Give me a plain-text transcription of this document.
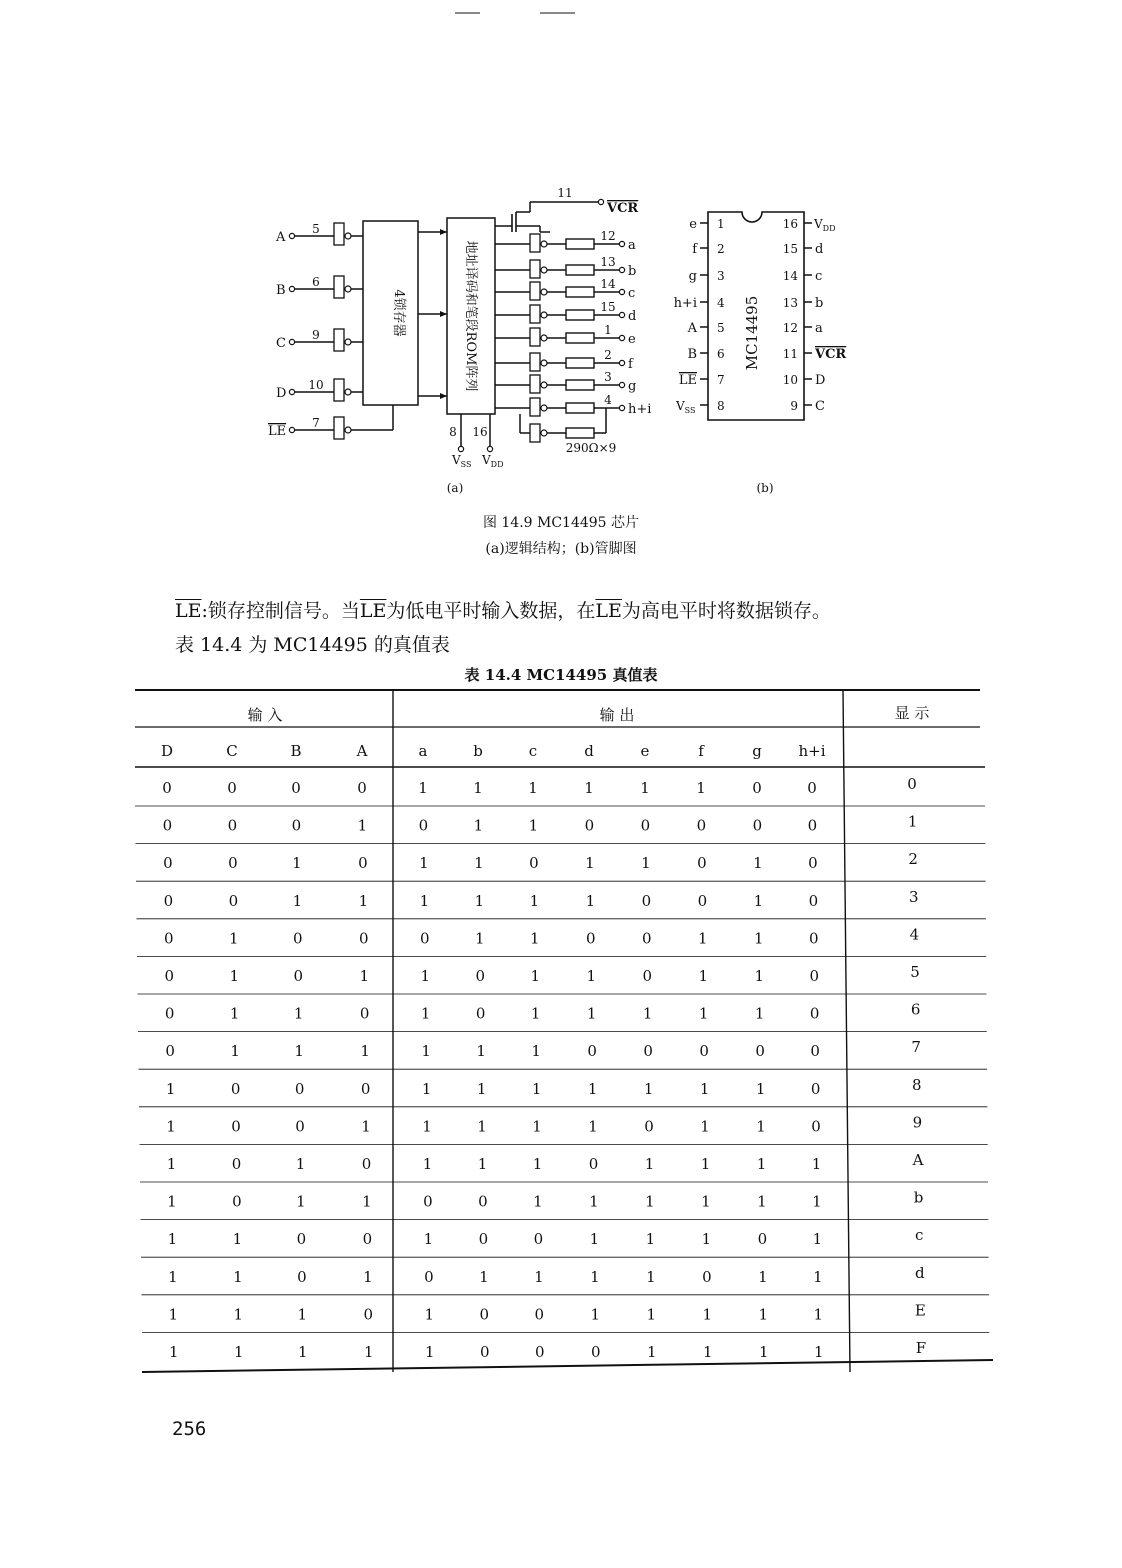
4锁存器	地址译码和笔段ROM阵列
A
5
B
6
C
9
D
10
LE
7
11
VCR
12
a
13
b
14
c
15
d
1
e
2
f
3
g
4
h+i
290Ω×9
8
$V_{SS}$
16
$V_{DD}$
(a)
MC14495
1
e
2
f
3
g
4
h+i
5
A
6
B
7
LE
8
$V_{SS}$
16 $V_{DD}$
15 d
14 c
13 b
12 a
11 VCR
10 D
9 C
(b)
图 14.9 MC14495 芯片
(a)逻辑结构；(b)管脚图
$\overline{LE}$:锁存控制信号。当$\overline{LE}$为低电平时输入数据，在$\overline{LE}$为高电平时将数据锁存。
表 14.4 为 MC14495 的真值表
表 14.4 MC14495 真值表
输 入	输 出	显 示
D	C	B	A	a	b	c	d	e	f	g h+i
0	0	0	0	1	1	1	1	1	1	0	0	0
0	0	0	1	0	1	1	0	0	0	0	0	1
0	0	1	0	1	1	0	1	1	0	1	0	2
0	0	1	1	1	1	1	1	0	0	1	0	3
0	1	0	0	0	1	1	0	0	1	1	0	4
0	1	0	1	1	0	1	1	0	1	1	0	5
0	1	1	0	1	0	1	1	1	1	1	0	6
0	1	1	1	1	1	1	0	0	0	0	0	7
1	0	0	0	1	1	1	1	1	1	1	0	8
1	0	0	1	1	1	1	1	0	1	1	0	9
1	0	1	0	1	1	1	0	1	1	1	1	A
1	0	1	1	0	0	1	1	1	1	1	1	b
1	1	0	0	1	0	0	1	1	1	0	1	c
1	1	0	1	0	1	1	1	1	0	1	1	d
1	1	1	0	1	0	0	1	1	1	1	1	E
1	1	1	1	1	0	0	0	1	1	1	1	F
256
